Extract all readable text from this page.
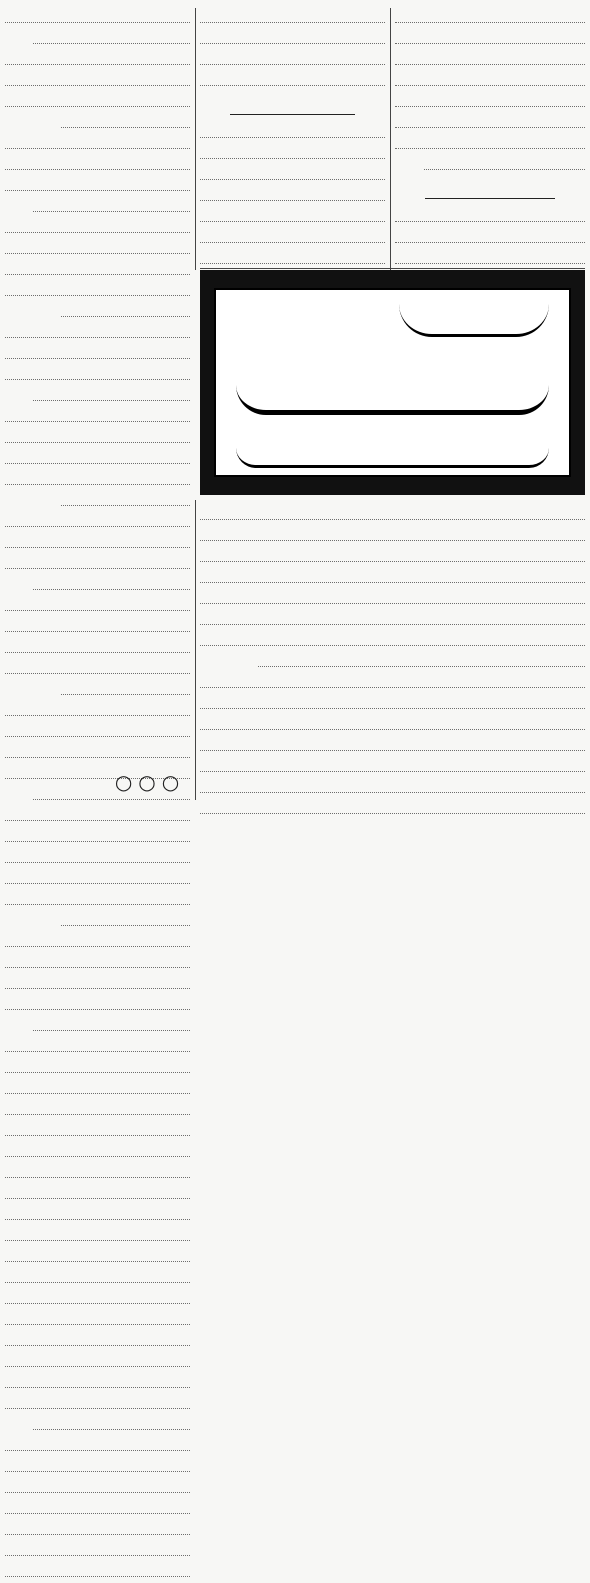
○○○
